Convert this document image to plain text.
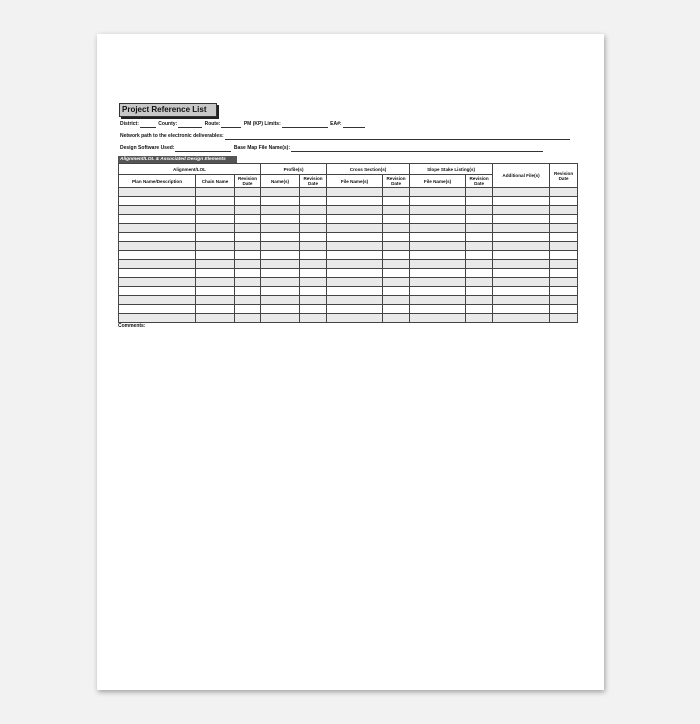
Project Reference List
District:	County:	Route:	PM (KP) Limits:	EA#:
Network path to the electronic deliverables:
Design Software Used:	Base Map File Name(s):
Alignment/LOL & Associated Design Elements
Alignment/LOL			Profile(s)		Cross Section(s)		Slope Stake Listing(s)		Additional File(s)	Revision Date
Plan Name/Description	Chain Name	Revision Date	Name(s)	Revision Date	File Name(s)	Revision Date	File Name(s)	Revision Date		

Comments:
